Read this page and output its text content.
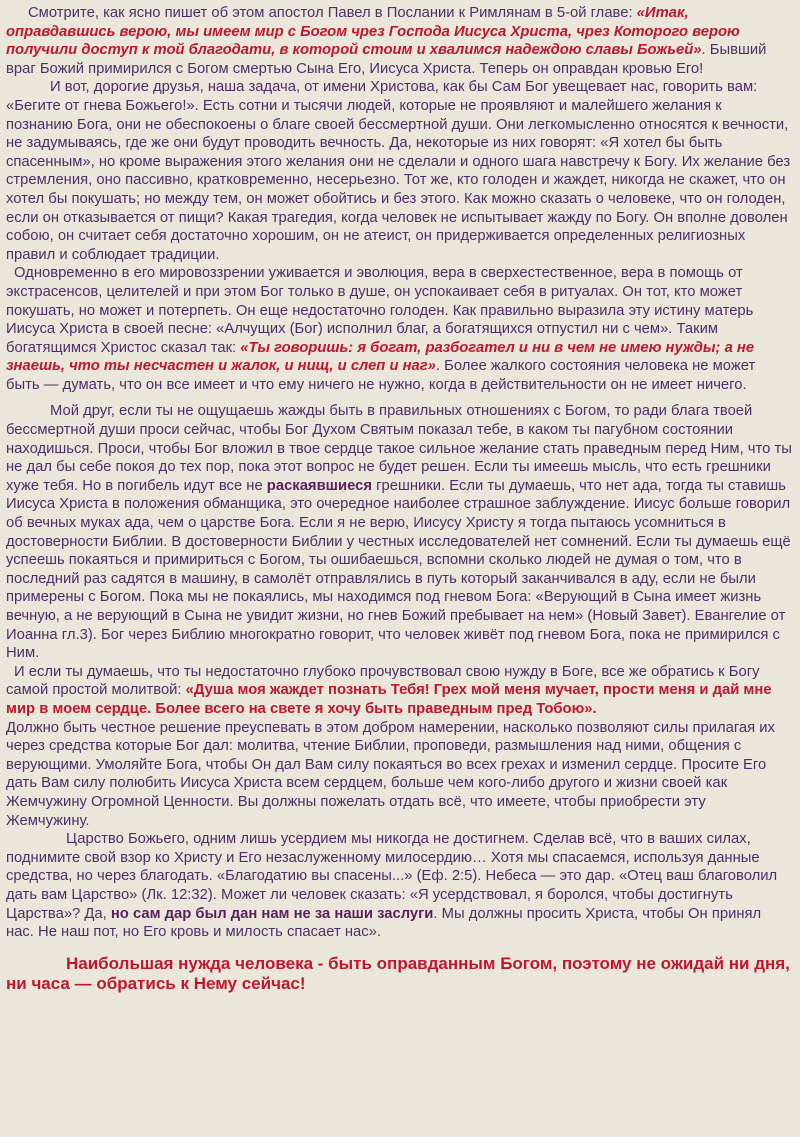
Смотрите, как ясно пишет об этом апостол Павел в Послании к Римлянам в 5-ой главе: «Итак, оправдавшись верою, мы имеем мир с Богом чрез Господа Иисуса Христа, чрез Которого верою получили доступ к той благодати, в которой стоим и хвалимся надеждою славы Божьей». Бывший враг Божий примирился с Богом смертью Сына Его, Иисуса Христа. Теперь он оправдан кровью Его!

И вот, дорогие друзья, наша задача, от имени Христова, как бы Сам Бог увещевает нас, говорить вам: «Бегите от гнева Божьего!». Есть сотни и тысячи людей, которые не проявляют и малейшего желания к познанию Бога, они не обеспокоены о благе своей бессмертной души. Они легкомысленно относятся к вечности, не задумываясь, где же они будут проводить вечность. Да, некоторые из них говорят: «Я хотел бы быть спасенным», но кроме выражения этого желания они не сделали и одного шага навстречу к Богу. Их желание без стремления, оно пассивно, кратковременно, несерьезно. Тот же, кто голоден и жаждет, никогда не скажет, что он хотел бы покушать; но между тем, он может обойтись и без этого. Как можно сказать о человеке, что он голоден, если он отказывается от пищи? Какая трагедия, когда человек не испытывает жажду по Богу. Он вполне доволен собою, он считает себя достаточно хорошим, он не атеист, он придерживается определенных религиозных правил и соблюдает традиции.

Одновременно в его мировоззрении уживается и эволюция, вера в сверхестественное, вера в помощь от экстрасенсов, целителей и при этом Бог только в душе, он успокаивает себя в ритуалах. Он тот, кто может покушать, но может и потерпеть. Он еще недостаточно голоден. Как правильно выразила эту истину матерь Иисуса Христа в своей песне: «Алчущих (Бог) исполнил благ, а богатящихся отпустил ни с чем». Таким богатящимся Христос сказал так: «Ты говоришь: я богат, разбогател и ни в чем не имею нужды; а не знаешь, что ты несчастен и жалок, и нищ, и слеп и наг». Более жалкого состояния человека не может быть — думать, что он все имеет и что ему ничего не нужно, когда в действительности он не имеет ничего.

Мой друг, если ты не ощущаешь жажды быть в правильных отношениях с Богом, то ради блага твоей бессмертной души проси сейчас, чтобы Бог Духом Святым показал тебе, в каком ты пагубном состоянии находишься. Проси, чтобы Бог вложил в твое сердце такое сильное желание стать праведным перед Ним, что ты не дал бы себе покоя до тех пор, пока этот вопрос не будет решен. Если ты имеешь мысль, что есть грешники хуже тебя. Но в погибель идут все не раскаявшиеся грешники. Если ты думаешь, что нет ада, тогда ты ставишь Иисуса Христа в положения обманщика, это очередное наиболее страшное заблуждение. Иисус больше говорил об вечных муках ада, чем о царстве Бога. Если я не верю, Иисусу Христу я тогда пытаюсь усомниться в достоверности Библии. В достоверности Библии у честных исследователей нет сомнений. Если ты думаешь ещё успеешь покаяться и примириться с Богом, ты ошибаешься, вспомни сколько людей не думая о том, что в последний раз садятся в машину, в самолёт отправлялись в путь который заканчивался в аду, если не были примерены с Богом. Пока мы не покаялись, мы находимся под гневом Бога: «Верующий в Сына имеет жизнь вечную, а не верующий в Сына не увидит жизни, но гнев Божий пребывает на нем» (Новый Завет). Евангелие от Иоанна гл.3). Бог через Библию многократно говорит, что человек живёт под гневом Бога, пока не примирился с Ним.

И если ты думаешь, что ты недостаточно глубоко прочувствовал свою нужду в Боге, все же обратись к Богу самой простой молитвой: «Душа моя жаждет познать Тебя! Грех мой меня мучает, прости меня и дай мне мир в моем сердце. Более всего на свете я хочу быть праведным пред Тобою».
Должно быть честное решение преуспевать в этом добром намерении, насколько позволяют силы прилагая их через средства которые Бог дал: молитва, чтение Библии, проповеди, размышления над ними, общения с верующими. Умоляйте Бога, чтобы Он дал Вам силу покаяться во всех грехах и изменил сердце. Просите Его дать Вам силу полюбить Иисуса Христа всем сердцем, больше чем кого-либо другого и жизни своей как Жемчужину Огромной Ценности. Вы должны пожелать отдать всё, что имеете, чтобы приобрести эту Жемчужину.

Царство Божьего, одним лишь усердием мы никогда не достигнем. Сделав всё, что в ваших силах, поднимите свой взор ко Христу и Его незаслуженному милосердию… Хотя мы спасаемся, используя данные средства, но через благодать. «Благодатию вы спасены...» (Еф. 2:5). Небеса — это дар. «Отец ваш благоволил дать вам Царство» (Лк. 12:32). Может ли человек сказать: «Я усердствовал, я боролся, чтобы достигнуть Царства»? Да, но сам дар был дан нам не за наши заслуги. Мы должны просить Христа, чтобы Он принял нас. Не наш пот, но Его кровь и милость спасает нас».

Наибольшая нужда человека - быть оправданным Богом, поэтому не ожидай ни дня, ни часа — обратись к Нему сейчас!
